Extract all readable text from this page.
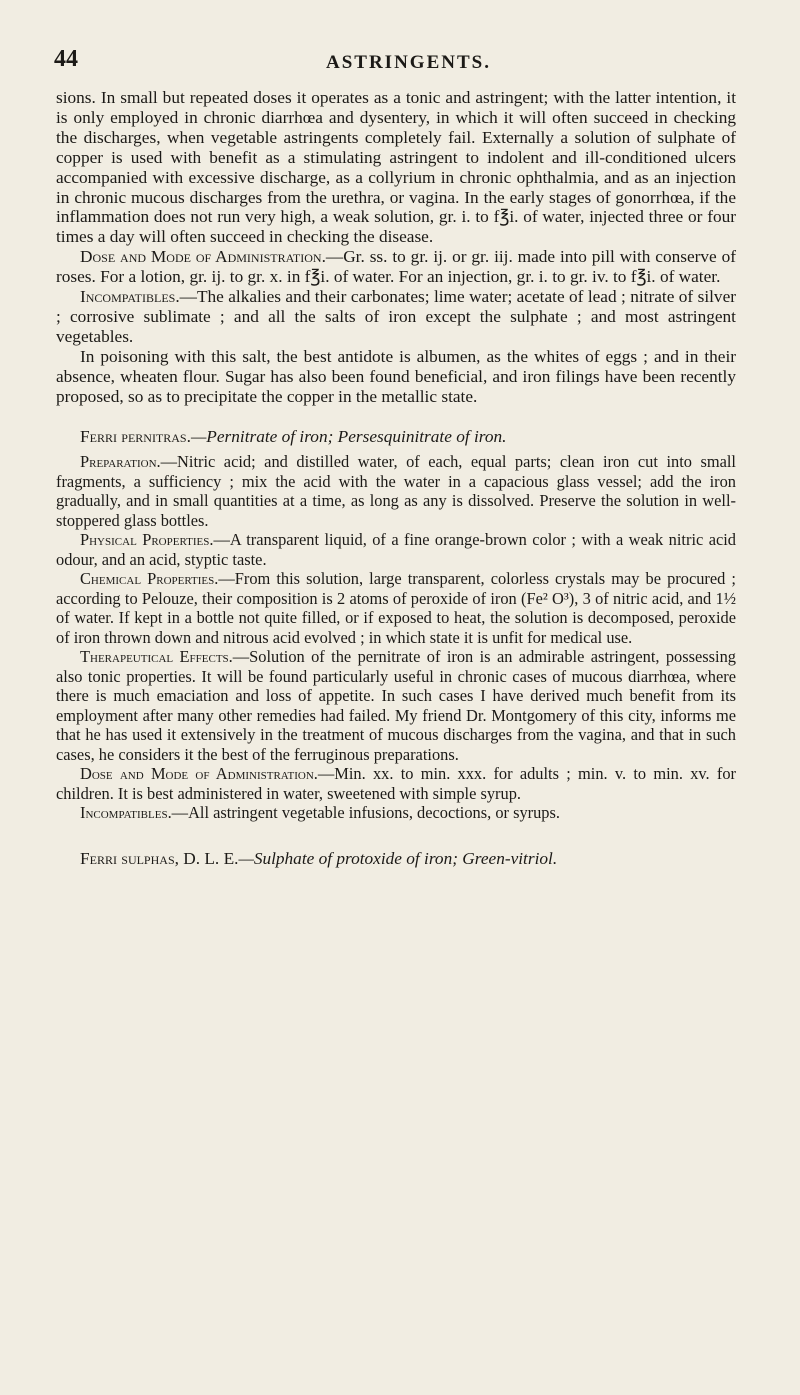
44	ASTRINGENTS.

sions. In small but repeated doses it operates as a tonic and astringent; with the latter intention, it is only employed in chronic diarrhœa and dysentery, in which it will often succeed in checking the discharges, when vegetable astringents completely fail. Externally a solution of sulphate of copper is used with benefit as a stimulating astringent to indolent and ill-conditioned ulcers accompanied with excessive discharge, as a collyrium in chronic ophthalmia, and as an injection in chronic mucous discharges from the urethra, or vagina. In the early stages of gonorrhœa, if the inflammation does not run very high, a weak solution, gr. i. to f℥i. of water, injected three or four times a day will often succeed in checking the disease.

Dose and Mode of Administration.—Gr. ss. to gr. ij. or gr. iij. made into pill with conserve of roses. For a lotion, gr. ij. to gr. x. in f℥i. of water. For an injection, gr. i. to gr. iv. to f℥i. of water.

Incompatibles.—The alkalies and their carbonates; lime water; acetate of lead ; nitrate of silver ; corrosive sublimate ; and all the salts of iron except the sulphate ; and most astringent vegetables.

In poisoning with this salt, the best antidote is albumen, as the whites of eggs ; and in their absence, wheaten flour. Sugar has also been found beneficial, and iron filings have been recently proposed, so as to precipitate the copper in the metallic state.

Ferri pernitras.—Pernitrate of iron; Persesquinitrate of iron.

Preparation.—Nitric acid; and distilled water, of each, equal parts; clean iron cut into small fragments, a sufficiency ; mix the acid with the water in a capacious glass vessel; add the iron gradually, and in small quantities at a time, as long as any is dissolved. Preserve the solution in well-stoppered glass bottles.

Physical Properties.—A transparent liquid, of a fine orange-brown color ; with a weak nitric acid odour, and an acid, styptic taste.

Chemical Properties.—From this solution, large transparent, colorless crystals may be procured ; according to Pelouze, their composition is 2 atoms of peroxide of iron (Fe² O³), 3 of nitric acid, and 1½ of water. If kept in a bottle not quite filled, or if exposed to heat, the solution is decomposed, peroxide of iron thrown down and nitrous acid evolved ; in which state it is unfit for medical use.

Therapeutical Effects.—Solution of the pernitrate of iron is an admirable astringent, possessing also tonic properties. It will be found particularly useful in chronic cases of mucous diarrhœa, where there is much emaciation and loss of appetite. In such cases I have derived much benefit from its employment after many other remedies had failed. My friend Dr. Montgomery of this city, informs me that he has used it extensively in the treatment of mucous discharges from the vagina, and that in such cases, he considers it the best of the ferruginous preparations.

Dose and Mode of Administration.—Min. xx. to min. xxx. for adults ; min. v. to min. xv. for children. It is best administered in water, sweetened with simple syrup.

Incompatibles.—All astringent vegetable infusions, decoctions, or syrups.

Ferri sulphas, D. L. E.—Sulphate of protoxide of iron; Green-vitriol.
